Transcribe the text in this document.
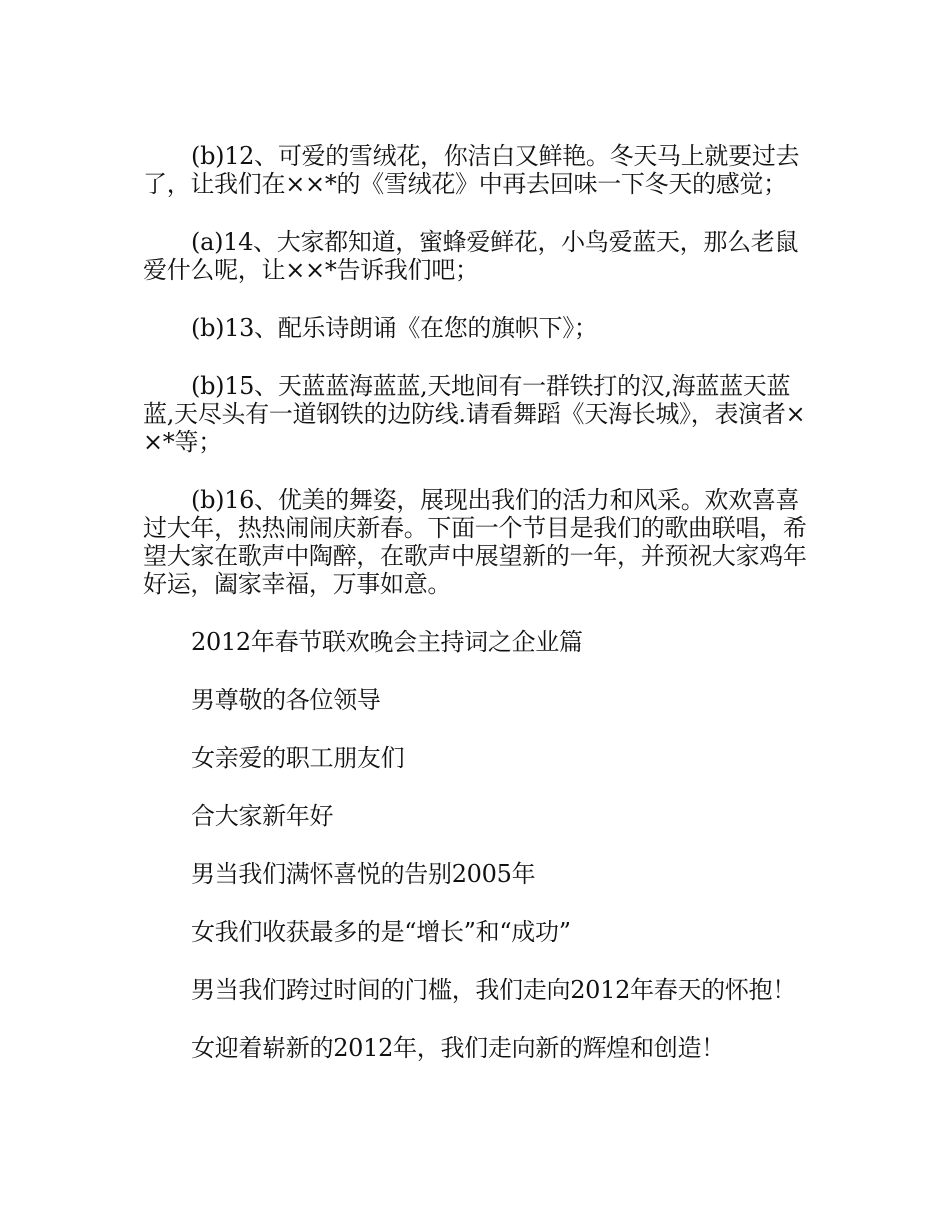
(b)12、可爱的雪绒花，你洁白又鲜艳。冬天马上就要过去了，让我们在××*的《雪绒花》中再去回味一下冬天的感觉；

(a)14、大家都知道，蜜蜂爱鲜花，小鸟爱蓝天，那么老鼠爱什么呢，让××*告诉我们吧；

(b)13、配乐诗朗诵《在您的旗帜下》；

(b)15、天蓝蓝海蓝蓝,天地间有一群铁打的汉,海蓝蓝天蓝蓝,天尽头有一道钢铁的边防线.请看舞蹈《天海长城》，表演者××*等；

(b)16、优美的舞姿，展现出我们的活力和风采。欢欢喜喜过大年，热热闹闹庆新春。下面一个节目是我们的歌曲联唱，希望大家在歌声中陶醉，在歌声中展望新的一年，并预祝大家鸡年好运，阖家幸福，万事如意。

2012年春节联欢晚会主持词之企业篇

男尊敬的各位领导

女亲爱的职工朋友们

合大家新年好

男当我们满怀喜悦的告别2005年

女我们收获最多的是“增长”和“成功”

男当我们跨过时间的门槛，我们走向2012年春天的怀抱！

女迎着崭新的2012年，我们走向新的辉煌和创造！
